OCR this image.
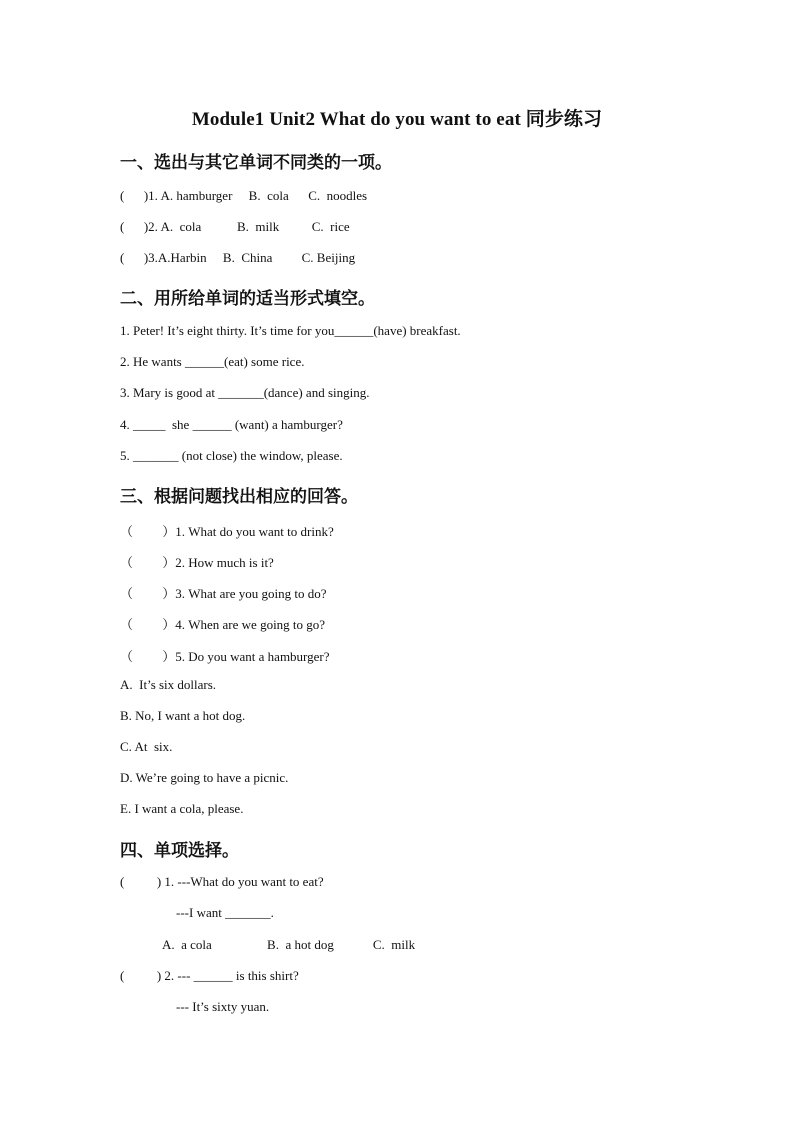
Module1 Unit2 What do you want to eat 同步练习
一、选出与其它单词不同类的一项。
(      )1. A. hamburger     B.  cola      C.  noodles
(      )2. A.  cola           B.  milk          C.  rice
(      )3.A.Harbin     B.  China         C. Beijing
二、用所给单词的适当形式填空。
1. Peter! It’s eight thirty. It’s time for you______(have) breakfast.
2. He wants ______(eat) some rice.
3. Mary is good at _______(dance) and singing.
4. _____  she ______ (want) a hamburger?
5. _______ (not close) the window, please.
三、根据问题找出相应的回答。
（         ）1. What do you want to drink?
（         ）2. How much is it?
（         ）3. What are you going to do?
（         ）4. When are we going to go?
（         ）5. Do you want a hamburger?
A.  It’s six dollars.
B. No, I want a hot dog.
C. At  six.
D. We’re going to have a picnic.
E. I want a cola, please.
四、单项选择。
(          ) 1. ---What do you want to eat?
---I want _______.
A.  a cola                 B.  a hot dog            C.  milk
(          ) 2. --- ______ is this shirt?
--- It’s sixty yuan.
